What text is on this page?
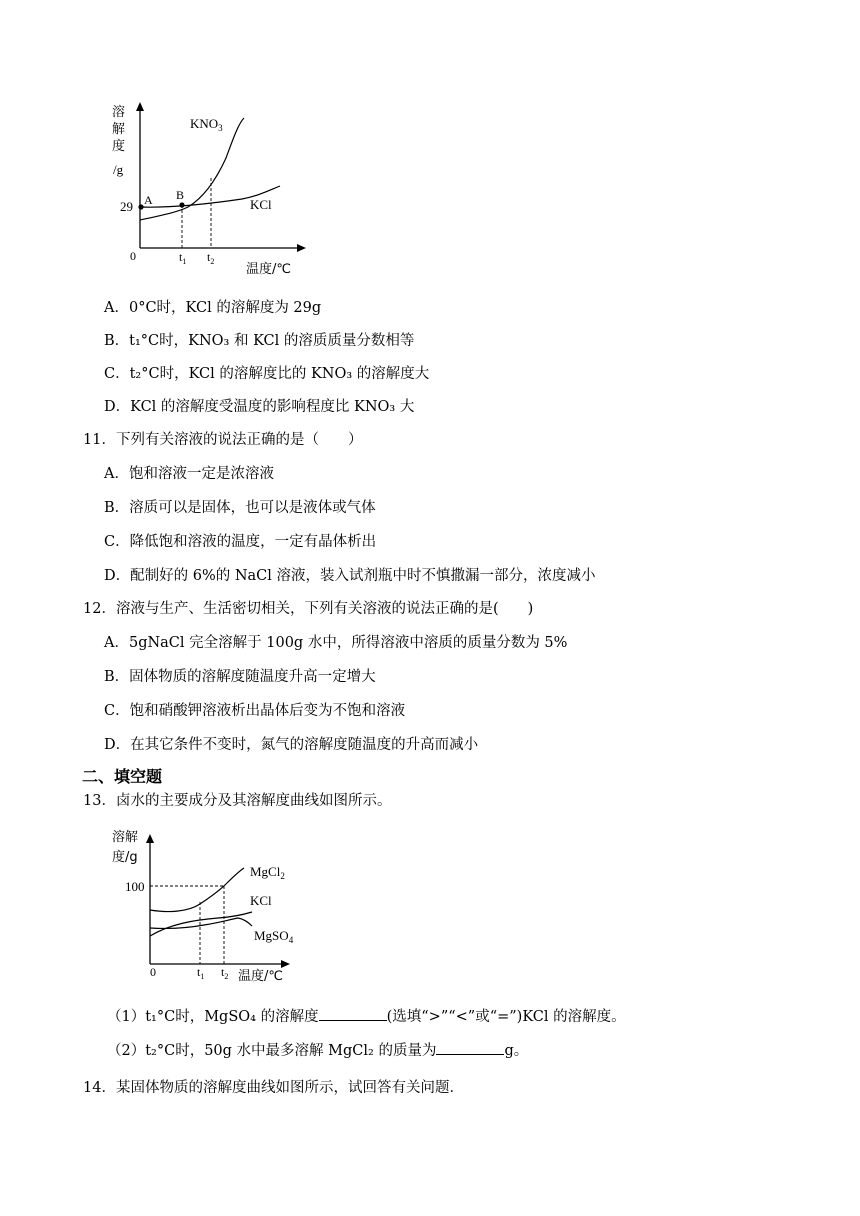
溶
解
度
/g
29
0
A B
$t_1$ $t_2$
温度/℃
$KNO_3$
KCl
A．0°C时，KCl 的溶解度为 29g
B．t₁°C时，KNO₃ 和 KCl 的溶质质量分数相等
C．t₂°C时，KCl 的溶解度比的 KNO₃ 的溶解度大
D．KCl 的溶解度受温度的影响程度比 KNO₃ 大
11．下列有关溶液的说法正确的是（　　）
A．饱和溶液一定是浓溶液
B．溶质可以是固体，也可以是液体或气体
C．降低饱和溶液的温度，一定有晶体析出
D．配制好的 6%的 NaCl 溶液，装入试剂瓶中时不慎撒漏一部分，浓度减小
12．溶液与生产、生活密切相关，下列有关溶液的说法正确的是(　　)
A．5gNaCl 完全溶解于 100g 水中，所得溶液中溶质的质量分数为 5%
B．固体物质的溶解度随温度升高一定增大
C．饱和硝酸钾溶液析出晶体后变为不饱和溶液
D．在其它条件不变时，氮气的溶解度随温度的升高而减小
二、填空题
13．卤水的主要成分及其溶解度曲线如图所示。
溶解
度/g
100
0	$t_1$ $t_2$ 温度/℃
MgCl$_2$
KCl
MgSO$_4$
（1）t₁°C时，MgSO₄ 的溶解度	(选填“>”“<”或“=”)KCl 的溶解度。
（2）t₂°C时，50g 水中最多溶解 MgCl₂ 的质量为	g。
14．某固体物质的溶解度曲线如图所示，试回答有关问题．
